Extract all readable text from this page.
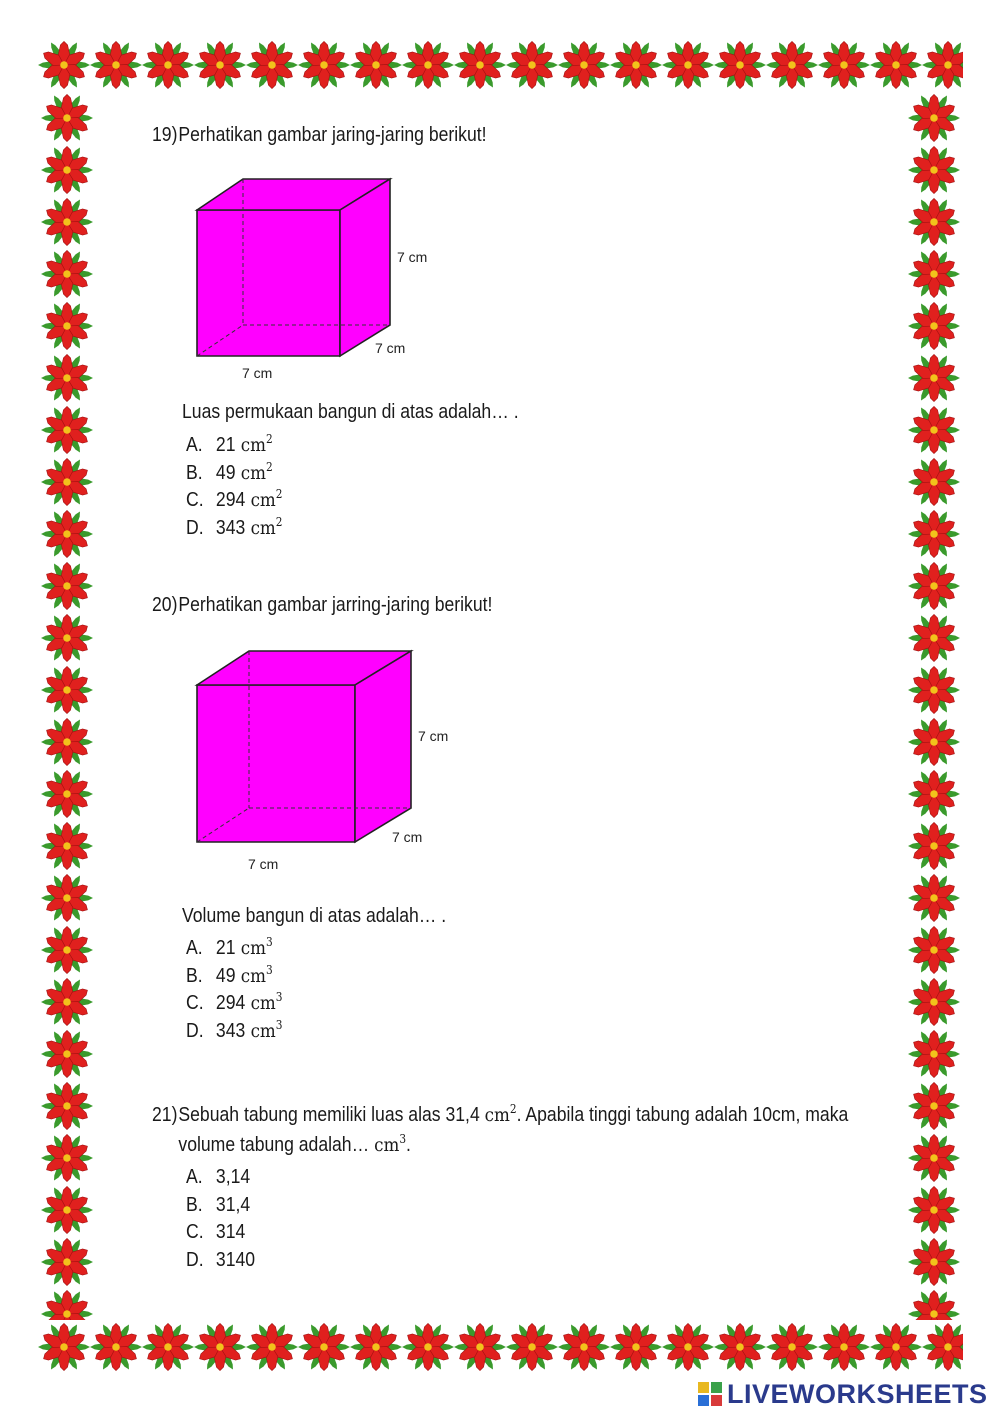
19) Perhatikan gambar jaring-jaring berikut!
7 cm
7 cm
7 cm
Luas permukaan bangun di atas adalah… .
A. 21 $cm^2$
B. 49 $cm^2$
C. 294 $cm^2$
D. 343 $cm^2$
20) Perhatikan gambar jarring-jaring berikut!
7 cm
7 cm
7 cm
Volume bangun di atas adalah… .
A. 21 $cm^3$
B. 49 $cm^3$
C. 294 $cm^3$
D. 343 $cm^3$
21) Sebuah tabung memiliki luas alas 31,4 $cm^2$. Apabila tinggi tabung adalah 10cm, maka volume tabung adalah… $cm^3$.
A. 3,14
B. 31,4
C. 314
D. 3140
LIVEWORKSHEETS
